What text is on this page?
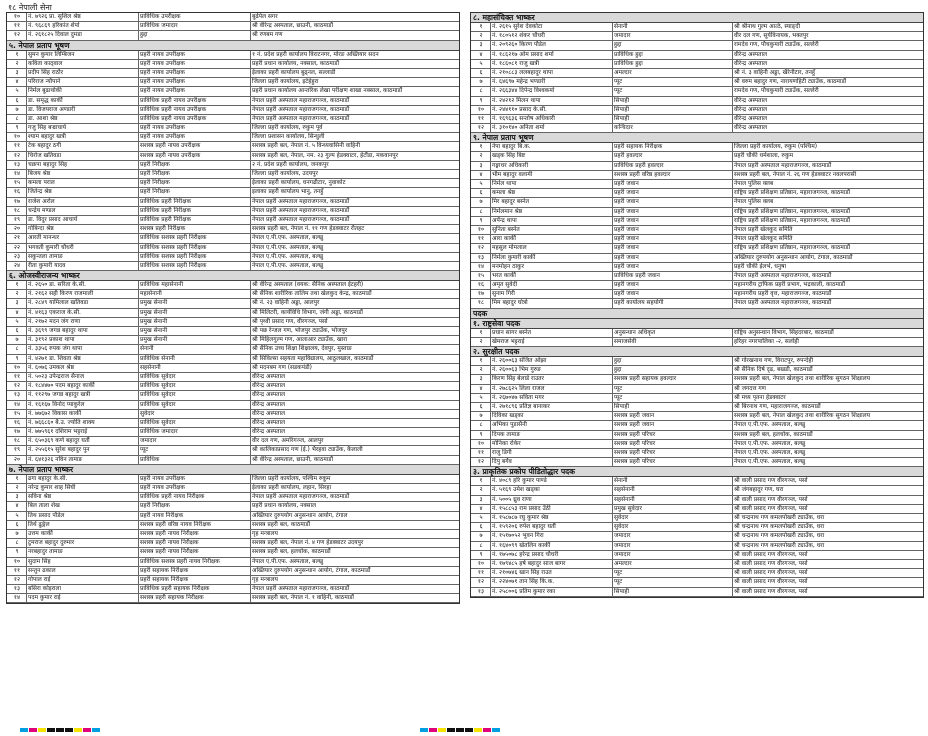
१८ नेपाली सेना
१०	नं. ७९२६ प्रा. सुशिल श्रेष्ठ	प्राविधिक उपरीक्षक	बुर्ढपेल सगर
११	नं. ९६८६९ हरिकांत शेर्पा	प्राविधिक जमादार	श्री वीरेन्द्र अस्पताल, छाउनी, काठमाडौं
१२	नं. २६१८२५ दिवाल दुमडा	हुद्दा	श्री रणबम गण
५. नेपाल प्रताप भूषण
१	सुमन कुमार लिम्बिजन	प्रहरी नायव उपरीक्षक	१ नं. प्रदेश प्रहरी कार्यालय विराटनगर, मोरङ अख्तियार सदन
२	कविता काठ्वाल	प्रहरी नायव उपरीक्षक	प्रहरी प्रधान कार्यालय, नक्साल, काठमाडौं
३	प्रदीप सिंह राठौर	प्रहरी नायव उपरीक्षक	ईलाका प्रहरी कार्यालय बुढ्नल, सल्लाडी
४	परिराज न्यौपाने	प्रहरी नायव उपरीक्षक	जिल्ला प्रहरी कार्यालय, इटेहेहुरा
५	निर्मल बुढाथोकी	प्रहरी नायव उपरीक्षक	प्रहरी प्रधान कार्यालय आन्तरिक लेखा परीक्षण शाखा नक्साल, काठमाडौं
६	डा. समृद्ध कार्की	प्राविधिक प्रहरी नायव उपरीक्षक	नेपाल प्रहरी अस्पताल महाराजगञ्ज, काठमाडौं
७	डा. विजयराज अण्डारी	प्राविधिक प्रहरी नायव उपरीक्षक	नेपाल प्रहरी अस्पताल महाराजगञ्ज, काठमाडौं
८	डा. आशा श्रेष्ठ	प्राविधिक प्रहरी नायव उपरीक्षक	नेपाल प्रहरी अस्पताल महाराजगञ्ज, काठमाडौं
९	गजु सिंह बज्राचार्य	प्रहरी नायव उपरीक्षक	जिल्ला प्रहरी कार्यालय, रुकुम पूर्व
१०	श्याम बहादुर खत्री	प्रहरी नायव उपरीक्षक	जिल्ला प्रशासन कार्यालय, सिन्धुली
११	टेक बहादुर ठगी	सशस्त्र प्रहरी नायव उपरीक्षक	सशस्त्र प्रहरी बल, नेपाल नं. ५ विन्ध्यवासिनी वाहिनी
१२	चिरोज खतिवडा	सशस्त्र प्रहरी नायव उपरीक्षक	सशस्त्र प्रहरी बल, नेपाल, नम. २३ गुल्म हेडक्वाटर, हेटौंडा, मकवानपुर
१३	चक्रपा बहादुर सिंह	प्रहरी निरीक्षक	२ नं. प्रदेश प्रहरी कार्यालय, जनकपुर
१४	बिजय श्रेष्ठ	प्रहरी निरीक्षक	जिल्ला प्रहरी कार्यालय, उदयपुर
१५	कमला पराल	प्रहरी निरीक्षक	ईलाका प्रहरी कार्यालय, धनगढीटार, नुवाकोट
१६	जितेन्द्र श्रेष्ठ	प्रहरी निरीक्षक	इलाका प्रहरी कार्यालय भानु, तनहुँ
१७	राजेश अरोल	प्राविधिक प्रहरी निरीक्षक	नेपाल प्रहरी अस्पताल महाराजगञ्ज, काठमाडौं
१८	चन्द्रेय मण्डल	प्राविधिक प्रहरी निरीक्षक	नेपाल प्रहरी अस्पताल महाराजगञ्ज, काठमाडौं
१९	डा. विदुर प्रसाद आचार्य	प्राविधिक प्रहरी निरीक्षक	नेपाल प्रहरी अस्पताल महाराजगञ्ज, काठमाडौं
२०	गोबिन्दा श्रेष्ठ	सशस्त्र प्रहरी निरीक्षक	सशस्त्र प्रहरी बल, नेपाल नं. ११ गण हेडक्वाटर रौतहट
२१	आरती मानन्धर	प्राविधिक सशस्त्र प्रहरी निरीक्षक	नेपाल ए.पी.एफ. अस्पताल, बल्खु
२२	भगवती कुमारी चौधरी	प्राविधिक सशस्त्र प्रहरी निरीक्षक	नेपाल ए.पी.एफ. अस्पताल, बल्खु
२३	सकुन्तला तामाङ	प्राविधिक सशस्त्र प्रहरी निरीक्षक	नेपाल ए.पी.एफ. अस्पताल, बल्खु
२४	रीता कुमारी यादव	प्राविधिक सशस्त्र प्रहरी निरीक्षक	नेपाल ए.पी.एफ. अस्पताल, बल्खु
६. ओजस्वीराजन्य भाष्कर
१	नं. २६५० डा. सरिता के.सी.	प्राविधिक महासेनानी	श्री वीरेन्द्र अस्पताल (वयक: सैनिक अस्पताल ईटहरी)
२	नं. २१६२ सही किरण राजमाली	महासेनानी	श्री सैनिक शारीरिक तालिम तथा खेलकुद केन्द्र, काठमाडौं
३	नं. २८४९ यामिलाल खतिवडा	प्रमुख सेनानी	श्री नं. २३ वाहिनी अड्डा, आलपुर
४	नं. ४१६३ एकराज के.सी.	प्रमुख सेनानी	श्री मिलिटरी, कार्यविधि विभाग, जंगी अड्डा, काठमाडौं
५	नं. २१७२ मदन जंग राणा	प्रमुख सेनानी	श्री पृथ्वी प्रसाद गण, वीरगञ्ज, पर्सा
६	नं. ३६९९ जगन्न बहादुर थापा	प्रमुख सेनानी	श्री पछ रेन्जल गण, भोजपुर ट्याउँक, भोजपुर
७	नं. ३१९२ प्रकाश थापा	प्रमुख सेनानी	श्री मिहिलगुल्म गण, आलाआर ट्याउँक, खारा
८	नं. ३३५६ रुपक जंग थापा	सेनानी	श्री सैनिक उच्च शिक्षा शिक्षालय, देवपुर, मुस्ताङ
९	नं. ४२७१ डा. शिवता श्रेष्ठ	प्राविधिक सेनानी	श्री सिविल्सा सहयता महाविद्यालय, आठुलखाल, काठमाडौं
१०	नं. ६०७६ उमकल श्रेष्ठ	सहसेनानी	श्री मदनबम गण (सडकपंडी)
११	नं. ५०२३ उपेन्द्रराज सैनाज	प्राविधिक सुवेदार	वीरेन्द्र अस्पताल
१२	नं. १८४४७० पदम बहादुर कार्की	प्राविधिक सुवेदार	वीरेन्द्र अस्पताल
१३	नं. ११२९७ जगन्न बहादुर खत्री	प्राविधिक सुवेदार	वीरेन्द्र अस्पताल
१४	नं. १६१६७ विनोद प्याकुरेल	प्राविधिक सुवेदार	वीरेन्द्र अस्पताल
१५	नं. ७७६७२ विकास कार्की	सुवेदार	वीरेन्द्र अस्पताल
१६	नं. ७६६८६० बै.उ. ज्योति शाक्य	प्राविधिक सुवेदार	वीरेन्द्र अस्पताल
१७	नं. ७७५९६१ दशिराम भट्टराई	प्राविधिक जमादार	वीरेन्द्र अस्पताल
१८	नं. ६५०३६९ कर्ण बहादुर घर्ती	जमादार	वीर दल गण, अमरिगञ्ज, आलपुर
१९	नं. २५५६१५ सुरेश बहादुर पुन	प्यूट	श्री कालिकाप्रसाद गण (ई.) भैरहवा ट्याउँक, कैलाली
२०	नं. ६४१३२६ नविन तामाङ	प्राविधिक	श्री वीरेन्द्र अस्पताल, छाउनी, काठमाडौं
७. नेपाल प्रताप भाष्कर
१	ढगा बहादुर के.सी.	प्रहरी नायव उपरीक्षक	जिल्ला प्रहरी कार्यालय, पश्चिम रुकुम
२	नरेन्द्र कुमार शाह सिंघी	प्रहरी नायव उपरीक्षक	ईलाका प्रहरी कार्यालय, लहान, सिरहा
३	सविना श्रेष्ठ	प्राविधिक प्रहरी नायव निरीक्षक	नेपाल प्रहरी अस्पताल महाराजगञ्ज, काठमाडौं
४	बिल ताला शेख	प्रहरी निरीक्षक	प्रहरी प्रधान कार्यालय, नक्साल
५	तिथ प्रसाद पौडेल	प्रहरी नायव निरीक्षक	अख्तियार दुरुपयोग अनुसन्धान आयोग, टंगाल
६	तिर्थ ढुङ्गेल	सशस्त्र प्रहरी वरिष्ठ नायव निरीक्षक	सशस्त्र प्रहरी बल, काठमाडौं
७	उत्तम कार्की	सशस्त्र प्रहरी नायव निरीक्षक	गृह मन्त्रालय
८	टुमराज बहादुर दुरुमार	सशस्त्र प्रहरी नायव निरीक्षक	सशस्त्र प्रहरी बल, नेपाल नं. ४ गण हेडक्वाटर उदयपुर
९	नरबहादुर तामाङ	सशस्त्र प्रहरी नायव निरीक्षक	सशस्त्र प्रहरी बल, हलचोक, काठमाडौं
१०	सुदाम सिंह	प्राविधिक सशस्त्र प्रहरी नायव निरीक्षक	नेपाल ए.पी.एफ. अस्पताल, बल्खु
११	सन्तुन ढकाल	प्रहरी सहायक निरीक्षक	अख्तियार दुरुपयोग अनुसन्धान आयोग, टंगाल, काठमाडौं
१२	गोपाल राई	प्रहरी सहायक निरीक्षक	गृह मन्त्रालय
१३	बसिरा कोइराला	प्राविधिक प्रहरी सहायक निरीक्षक	नेपाल प्रहरी अस्पताल महाराजगञ्ज, काठमाडौं
१४	पदम कुमार राई	सशस्त्र प्रहरी सहायक निरीक्षक	सशस्त्र प्रहरी बल, नेपाल नं. १ वाहिनी, काठमाडौं
८. महासंचिक्त भाष्कर
१	नं. २६१५ सुरेश देवकोटा	सेनानी	श्री श्रीनाथ गुल्म आत्ठे, स्याङ्दी
२	नं. १८०५१२ शंकर चौधरी	जमादार	वीर दल गण, सूर्यविनायक, भक्तपुर
३	नं. २०९२६० किरण पौडेल	हुद्दा	रामदेव गण, पौचकुमारी ट्याउँक, सल्लेरी
४	नं. १८६२१७ ओम प्रसाद शर्मा	प्राविधिक हुद्दा	वीरेन्द्र अस्पताल
५	नं. १८६०८१ राजु खत्री	प्राविधिक हुद्दा	वीरेन्द्र अस्पताल
६	नं. २१०८८३ ललबहादुर थापा	अमल्दार	श्री नं. ३ वाहिनी अड्डा, खैरेनीटार, तनहुँ
७	नं. ६४६९७ महेन्द्र भण्डारी	प्यूट	श्री वरुम बहादुर गण, नारायणहिटी ट्याउँक, काठमाडौं
८	नं. २६६३४४ दिपेन्द्र विश्वकर्मा	प्यूट	रामदेव गण, पौचकुमारी ट्याउँक, सल्लेरी
९	नं. २४२१२ मिलन थापा	सिपाही	वीरेन्द्र अस्पताल
१०	नं. २४४११० प्रसाद के.सी.	सिपाही	वीरेन्द्र अस्पताल
११	नं. १६९६३६ सन्तोष अधिकारी	सिपाही	वीरेन्द्र अस्पताल
१२	नं. ३१०१४० अनिता शर्मा	कन्चिदार	वीरेन्द्र अस्पताल
९. नेपाल प्रताप भूषण
१	नेपा बहादुर बि.क.	प्रहरी सहायक निरीक्षक	जिल्ला प्रहरी कार्यालय, रुकुम (पश्चिम)
२	खड्क सिंह बिष्ट	प्रहरी हवल्दार	प्रहरी चौकी धर्मशाला, रुकुम
३	गङ्गाधर अधिकारी	प्राविधिक प्रहरी हवल्दार	नेपाल प्रहरी अस्पताल महाराजगञ्ज, काठमाडौं
४	भीम बहादुर वलामी	सशस्त्र प्रहरी वरिष्ठ हवल्दार	सशस्त्र प्रहरी बल, नेपाल नं. २६ गण हेडक्वाटर नवलपरासी
५	निर्मल थापा	प्रहरी जवान	नेपाल पुलिस क्लब
६	कमला श्रेष्ठ	प्रहरी जवान	राष्ट्रिय प्रहरी प्रशिक्षण प्रतिष्ठान, महाराजगञ्ज, काठमाडौं
७	मिर बहादुर बस्नेत	प्रहरी जवान	नेपाल पुलिस क्लब
८	निर्मलमान श्रेष्ठ	प्रहरी जवान	राष्ट्रिय प्रहरी प्रशिक्षण प्रतिष्ठान, महाराजगञ्ज, काठमाडौं
९	अर्पेन्द्र थापा	प्रहरी जवान	राष्ट्रिय प्रहरी प्रशिक्षण प्रतिष्ठान, महाराजगञ्ज, काठमाडौं
१०	सुनिता बस्नेत	प्रहरी जवान	नेपाल प्रहरी खेलकुद समिति
११	आरा कार्की	प्रहरी जवान	नेपाल प्रहरी खेलकुद समिति
१२	महसुल मोमलाल	प्रहरी जवान	राष्ट्रिय प्रहरी प्रशिक्षण प्रतिष्ठान, महाराजगञ्ज, काठमाडौं
१३	निर्मला कुमारी कार्की	प्रहरी जवान	अख्तियार दुरुपयोग अनुसन्धान आयोग, टंगाल, काठमाडौं
१४	मनमोहन ठाकुर	प्रहरी जवान	प्रहरी चौकी ईलर्भ, धनुषा
१५	भरत कार्की	प्राविधिक प्रहरी जवान	नेपाल प्रहरी अस्पताल महाराजगञ्ज, काठमाडौं
१६	अमृत सुवेदी	प्रहरी जवान	महानगरीय ट्राफिक प्रहरी प्रभाग, भद्रकाली, काठमाडौं
१७	सुनाम गिरी	प्रहरी जवान	महानगरीय प्रहरी वृत्त, महाराजगञ्ज, काठमाडौं
१८	मिम बहादुर घोत्रो	प्रहरी कार्यालय सहयोगी	नेपाल प्रहरी अस्पताल महाराजगञ्ज, काठमाडौं
पदक
१. राष्ट्रसेवा पदक
१	प्रधान सागर बस्नेत	अनुसन्धान अधिकृत	राष्ट्रिय अनुसन्धान विभाग, सिंहदरबार, काठमाडौं
२	खेमराज भट्टराई	समाजसेवी	हरिहर नगरपालिका -२, सर्लाही
२. सुरक्षीत पदक
१	नं. २६००६३ संजित ओझा	हुद्दा	श्री गोरखनाथ गण, विराटपुर, रुपन्देही
२	नं. २६००६३ भिम गुरुङ	हुद्दा	श्री सैनिक दिर्ष दृढ, बखडी, काठमाडौं
३	किरण सिंह बेलाडे राउतर	सशस्त्र प्रहरी सहायक हवल्दार	सशस्त्र प्रहरी बल, नेपाल खेलकुद तथा शारीरिक सुगठन शिक्षालय
४	नं. २७८६२५ लिला राजल	प्यूट	श्री जगदत्त गण
५	नं. २६७०४७ सविता मगर	प्यूट	श्री मध्य पृतना हेडक्वाटर
६	नं. २७१८९६ प्रतिज्ञ बानाकर	सिपाही	श्री बिरनाथ गण, महाराजगञ्ज, काठमाडौं
७	दिविका खड्का	सशस्त्र प्रहरी जवान	सशस्त्र प्रहरी बल, नेपाल खेलकुद तथा शारीरिक सुगठन शिक्षालय
८	अभिका पुडासैनी	सशस्त्र प्रहरी जवान	नेपाल ए.पी.एफ. अस्पताल, बल्खु
९	दिपक तामाङ	सशस्त्र प्रहरी परिचर	सशस्त्र प्रहरी बल, हलचोक, काठमाडौं
१०	मोनिका रोकेर	सशस्त्र प्रहरी परिचर	नेपाल ए.पी.एफ. अस्पताल, बल्खु
११	राजु डिगी	सशस्त्र प्रहरी परिचर	नेपाल ए.पी.एफ. अस्पताल, बल्खु
१२	दिपु बर्गेव	सशस्त्र प्रहरी परिचर	नेपाल ए.पी.एफ. अस्पताल, बल्खु
३. प्राकृतिक प्रकोप पीडितोद्धार पदक
१	नं. ४०८९ हरि कुमार पाण्डे	सेनानी	श्री वाली प्रसाद गण वीरगञ्ज, पर्सा
२	नं. ५१६९ उमेश खड्का	सहसेनानी	श्री जंगबहादुर गण, घरा
३	नं. ५००५ ध्रुव राणा	सहसेनानी	श्री वाली प्रसाद गण वीरगञ्ज, पर्सा
४	नं. १५८८५३ राम प्रसाद उँठी	प्रमुख सुवेदार	श्री वाली प्रसाद गण वीरगञ्ज, पर्सा
५	नं. १५८७८७ रघु कुमार श्रेष्ठ	सुवेदार	श्री चन्द्रनाथ गण कमलपोखरी ट्याउँक, धरा
६	नं. १५९२०६ रुपेश बहादुर घर्ती	सुवेदार	श्री चन्द्रनाथ गण कमलपोखरी ट्याउँक, धरा
७	नं. १५१७०५२ भुवन गिरा	जमादार	श्री चन्द्रनाथ गण कमलपोखरी ट्याउँक, धरा
८	नं. १६४०९९ खेतलिन कार्की	जमादार	श्री चन्द्रनाथ गण कमलपोखरी ट्याउँक, धरा
९	नं. १७५०७८ हरेन्द्र प्रसाद चौधरी	जमादार	श्री वाली प्रसाद गण वीरगञ्ज, पर्सा
१०	नं. १७९४८५ हर्ष बहादुर साज बागर	अमल्दार	श्री वाली प्रसाद गण वीरगञ्ज, पर्सा
११	नं. २१०७४६ खान सिंह राउत	प्यूट	श्री वाली प्रसाद गण वीरगञ्ज, पर्सा
१२	नं. २२४०७१ तान सिंह कि.क.	प्यूट	श्री वाली प्रसाद गण वीरगञ्ज, पर्सा
१३	नं. २५८००६ प्रतिम कुमार रका	सिपाही	श्री वाली प्रसाद गण वीरगञ्ज, पर्सा
